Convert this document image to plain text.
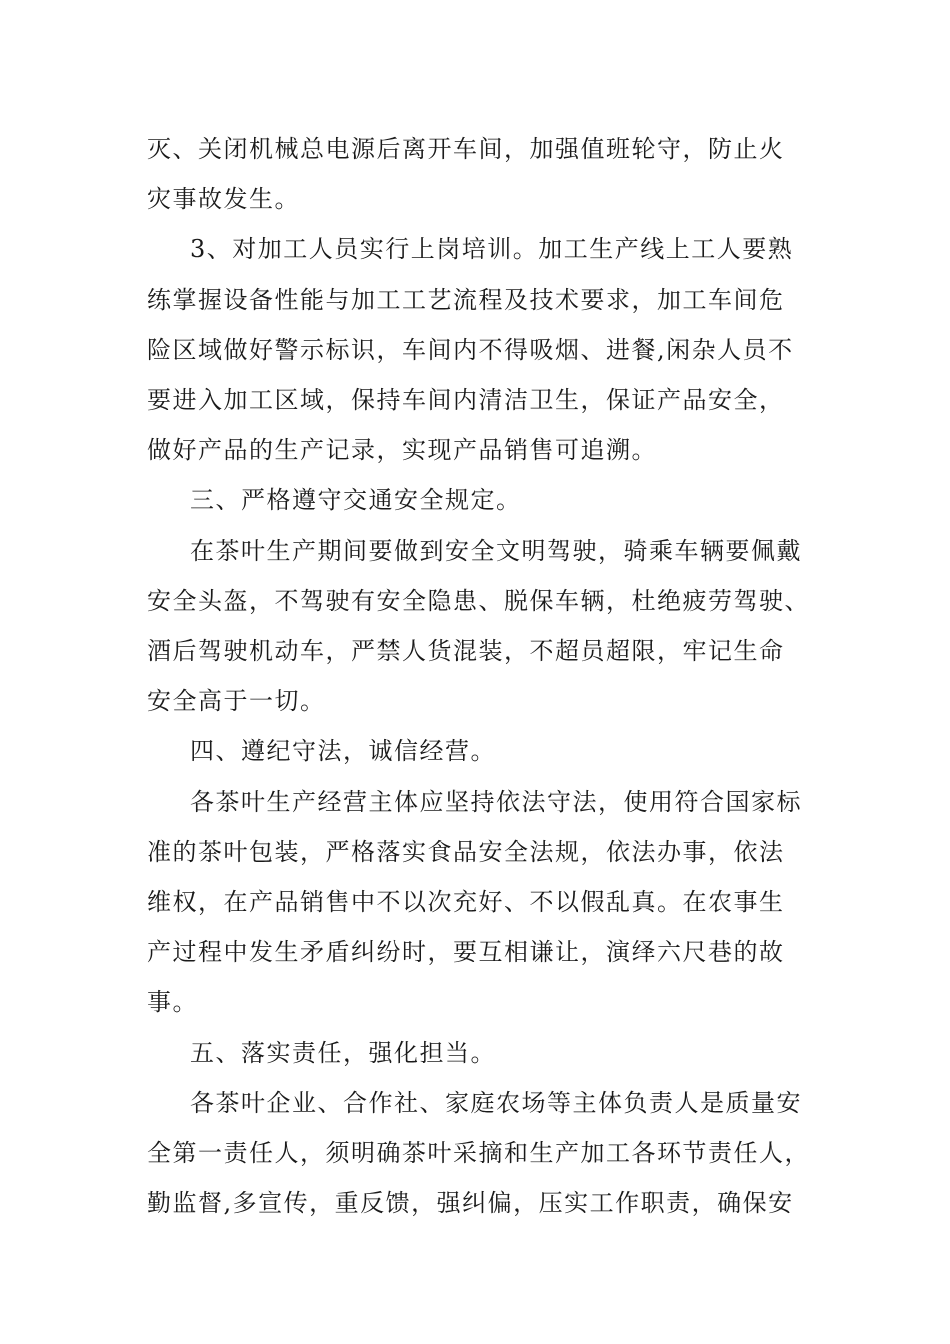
灭、关闭机械总电源后离开车间，加强值班轮守，防止火
灾事故发生。
3、对加工人员实行上岗培训。加工生产线上工人要熟
练掌握设备性能与加工工艺流程及技术要求，加工车间危
险区域做好警示标识，车间内不得吸烟、进餐,闲杂人员不
要进入加工区域，保持车间内清洁卫生，保证产品安全，
做好产品的生产记录，实现产品销售可追溯。
三、严格遵守交通安全规定。
在茶叶生产期间要做到安全文明驾驶，骑乘车辆要佩戴
安全头盔，不驾驶有安全隐患、脱保车辆，杜绝疲劳驾驶、
酒后驾驶机动车，严禁人货混装，不超员超限，牢记生命
安全高于一切。
四、遵纪守法，诚信经营。
各茶叶生产经营主体应坚持依法守法，使用符合国家标
准的茶叶包装，严格落实食品安全法规，依法办事，依法
维权，在产品销售中不以次充好、不以假乱真。在农事生
产过程中发生矛盾纠纷时，要互相谦让，演绎六尺巷的故
事。
五、落实责任，强化担当。
各茶叶企业、合作社、家庭农场等主体负责人是质量安
全第一责任人，须明确茶叶采摘和生产加工各环节责任人，
勤监督,多宣传，重反馈，强纠偏，压实工作职责，确保安
